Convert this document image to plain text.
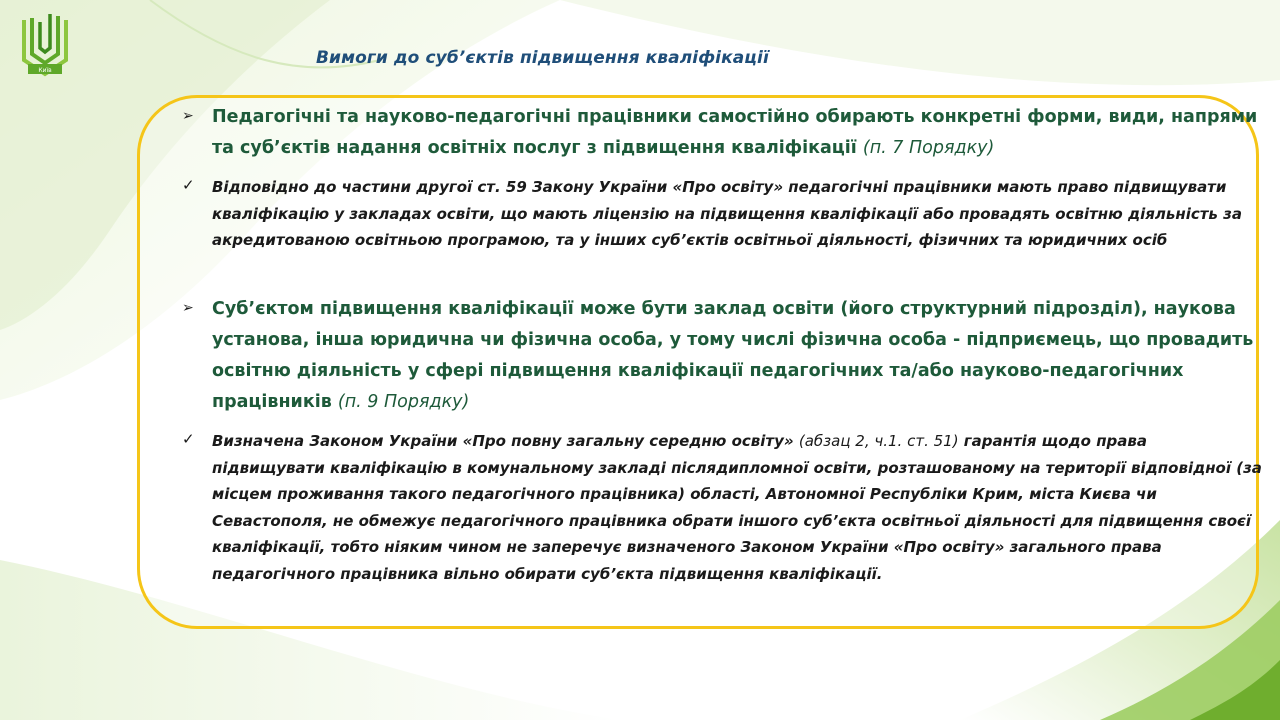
Київ
Вимоги до суб’єктів підвищення кваліфікації
➢ Педагогічні та науково-педагогічні працівники самостійно обирають конкретні форми, види, напрями та суб’єктів надання освітніх послуг з підвищення кваліфікації (п. 7 Порядку)
✓ Відповідно до частини другої ст. 59 Закону України «Про освіту» педагогічні працівники мають право підвищувати кваліфікацію у закладах освіти, що мають ліцензію на підвищення кваліфікації або провадять освітню діяльність за акредитованою освітньою програмою, та у інших суб’єктів освітньої діяльності, фізичних та юридичних осіб
➢ Суб’єктом підвищення кваліфікації може бути заклад освіти (його структурний підрозділ), наукова установа, інша юридична чи фізична особа, у тому числі фізична особа - підприємець, що провадить освітню діяльність у сфері підвищення кваліфікації педагогічних та/або науково-педагогічних працівників (п. 9 Порядку)
✓ Визначена Законом України «Про повну загальну середню освіту» (абзац 2, ч.1. ст. 51) гарантія щодо права підвищувати кваліфікацію в комунальному закладі післядипломної освіти, розташованому на території відповідної (за місцем проживання такого педагогічного працівника) області, Автономної Республіки Крим, міста Києва чи Севастополя, не обмежує педагогічного працівника обрати іншого суб’єкта освітньої діяльності для підвищення своєї кваліфікації, тобто ніяким чином не заперечує визначеного Законом України «Про освіту» загального права педагогічного працівника вільно обирати суб’єкта підвищення кваліфікації.
